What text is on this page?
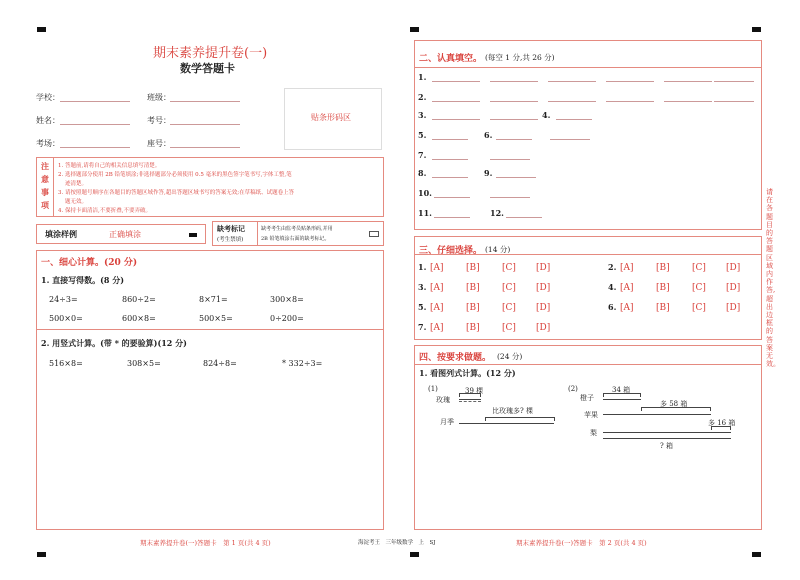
期末素养提升卷(一)
数学答题卡
学校：	班级：
姓名：	考号：
考场：	座号：
贴条形码区
注
意
事
项
1. 答题前,请将自己的相关信息填写清楚。
2. 选择题部分使用 2B 铅笔填涂;非选择题部分必须使用 0.5 毫米的黑色签字笔书写,字体工整,笔
迹清楚。
3. 请按照题号顺序在各题目的答题区域作答,超出答题区域书写的答案无效;在草稿纸、试题卷上答
题无效。
4. 保持卡面清洁,不要折叠,不要弄破。
填涂样例	正确填涂
缺考标记
(考生禁填)
缺考考生由监考员贴条形码,并用
2B 铅笔填涂右面的缺考标记。
一、细心计算。(20 分)
1. 直接写得数。(8 分)
24÷3=	860÷2=	8×71=	300×8=
500×0=	600×8=	500×5=	0÷200=
2. 用竖式计算。(带 * 的要验算)(12 分)
516×8=	308×5=	824÷8=	* 332÷3=
期末素养提升卷(一)答题卡　第 1 页(共 4 页)
二、认真填空。 (每空 1 分,共 26 分)
1.
2.
3.	4.
5.	6.
7.
8.	9.
10.
11.	12.
三、仔细选择。 (14 分)
1. [A] [B] [C] [D]	2. [A] [B] [C] [D]
3. [A] [B] [C] [D]	4. [A] [B] [C] [D]
5. [A] [B] [C] [D]	6. [A] [B] [C] [D]
7. [A] [B] [C] [D]
四、按要求做题。 (24 分)
1. 看图列式计算。(12 分)
(1)	39 棵
玫瑰
比玫瑰多? 棵
月季
(2)	34 箱
橙子
多 58 箱
苹果
多 16 箱
梨
? 箱
请在各题目的答题区域内作答,超出边框的答案无效。
海淀考王　三年级数学　上　SJ	期末素养提升卷(一)答题卡　第 2 页(共 4 页)
